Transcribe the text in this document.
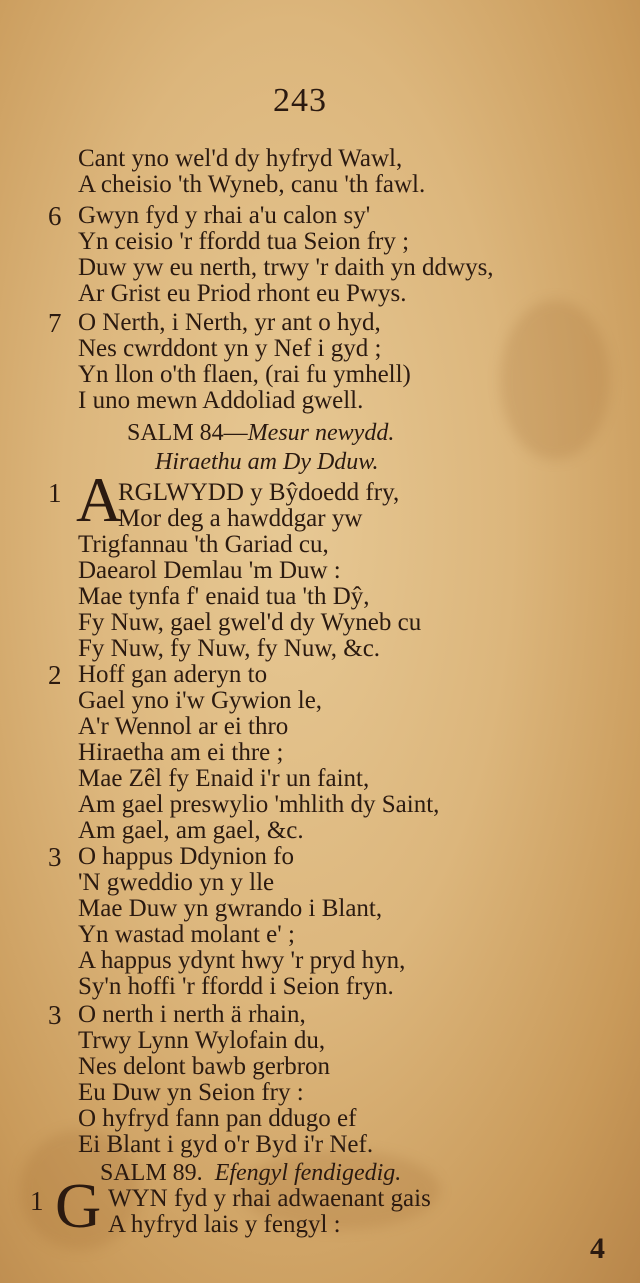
243
Cant yno wel'd dy hyfryd Wawl,
A cheisio 'th Wyneb, canu 'th fawl.
6 Gwyn fyd y rhai a'u calon sy'
Yn ceisio 'r ffordd tua Seion fry ;
Duw yw eu nerth, trwy 'r daith yn ddwys,
Ar Grist eu Priod rhont eu Pwys.
7 O Nerth, i Nerth, yr ant o hyd,
Nes cwrddont yn y Nef i gyd ;
Yn llon o'th flaen, (rai fu ymhell)
I uno mewn Addoliad gwell.
SALM 84—Mesur newydd.
Hiraethu am Dy Dduw.
1 A
RGLWYDD y Bŷdoedd fry,
Mor deg a hawddgar yw
Trigfannau 'th Gariad cu,
Daearol Demlau 'm Duw :
Mae tynfa f' enaid tua 'th Dŷ,
Fy Nuw, gael gwel'd dy Wyneb cu
Fy Nuw, fy Nuw, fy Nuw, &c.
2 Hoff gan aderyn to
Gael yno i'w Gywion le,
A'r Wennol ar ei thro
Hiraetha am ei thre ;
Mae Zêl fy Enaid i'r un faint,
Am gael preswylio 'mhlith dy Saint,
Am gael, am gael, &c.
3 O happus Ddynion fo
'N gweddio yn y lle
Mae Duw yn gwrando i Blant,
Yn wastad molant e' ;
A happus ydynt hwy 'r pryd hyn,
Sy'n hoffi 'r ffordd i Seion fryn.
3 O nerth i nerth ä rhain,
Trwy Lynn Wylofain du,
Nes delont bawb gerbron
Eu Duw yn Seion fry :
O hyfryd fann pan ddugo ef
Ei Blant i gyd o'r Byd i'r Nef.
SALM 89. Efengyl fendigedig.
1 G WYN fyd y rhai adwaenant gais
A hyfryd lais y fengyl :
4
